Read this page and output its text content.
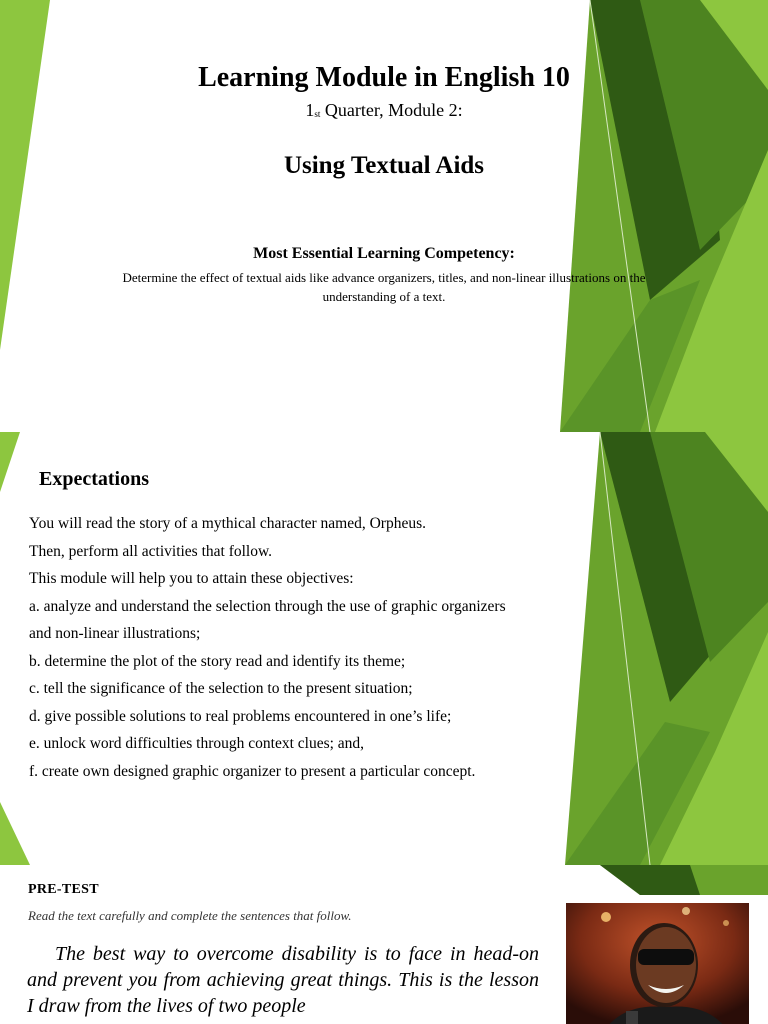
Learning Module in English 10
$1_{st}$ Quarter, Module 2:
Using Textual Aids
Most Essential Learning Competency:
Determine the effect of textual aids like advance organizers, titles, and non-linear illustrations on the understanding of a text.
Expectations
You will read the story of a mythical character named, Orpheus.
Then, perform all activities that follow.
This module will help you to attain these objectives:
a. analyze and understand the selection through the use of graphic organizers
and non-linear illustrations;
b. determine the plot of the story read and identify its theme;
c. tell the significance of the selection to the present situation;
d. give possible solutions to real problems encountered in one’s life;
e. unlock word difficulties through context clues; and,
f. create own designed graphic organizer to present a particular concept.
PRE-TEST
Read the text carefully and complete the sentences that follow.

The best way to overcome disability is to face in head-on and prevent you from achieving great things. This is the lesson I draw from the lives of two people
